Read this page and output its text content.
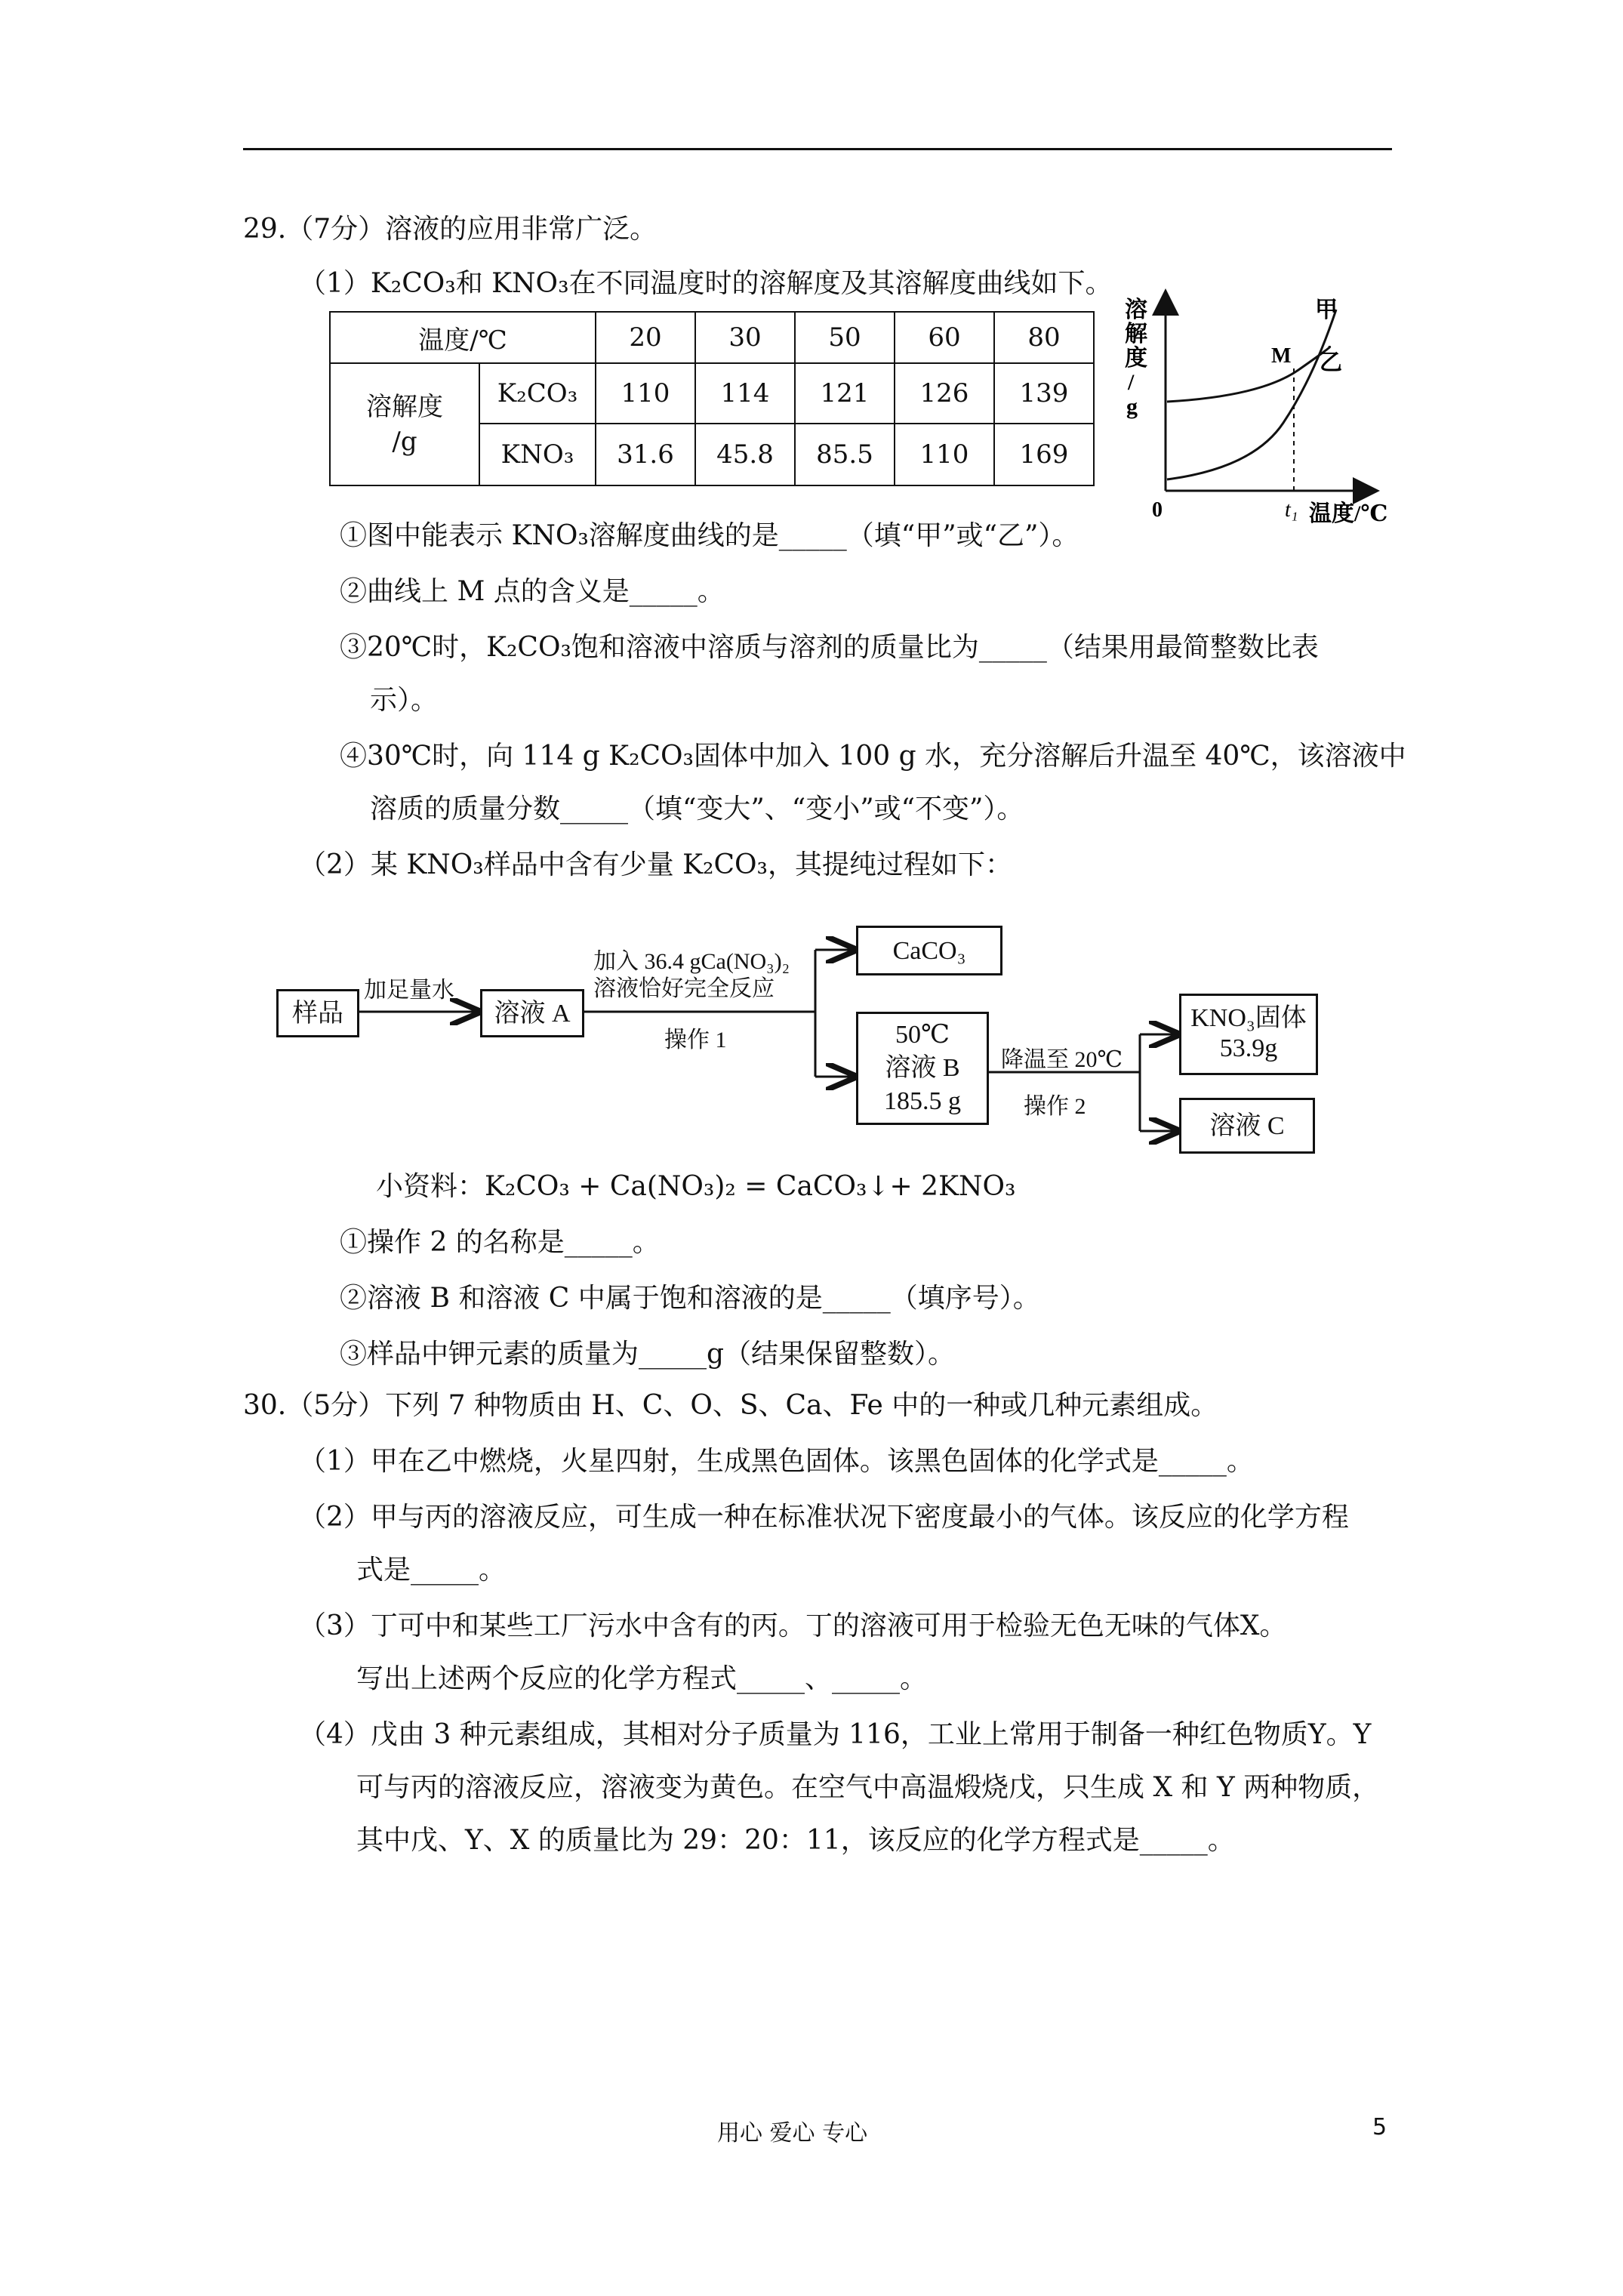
29.（7分）溶液的应用非常广泛。
（1）K₂CO₃和 KNO₃在不同温度时的溶解度及其溶解度曲线如下。
温度/℃		20	30	50	60	80

溶解度
/g	K₂CO₃	110	114	121	126	139
	KNO₃	31.6	45.8	85.5	110	169
溶
解
度
/
g
甲
乙
M
0	t₁ 温度/℃
①图中能表示 KNO₃溶解度曲线的是_____（填“甲”或“乙”）。
②曲线上 M 点的含义是_____。
③20℃时，K₂CO₃饱和溶液中溶质与溶剂的质量比为_____（结果用最简整数比表
示）。
④30℃时，向 114 g K₂CO₃固体中加入 100 g 水，充分溶解后升温至 40℃，该溶液中
溶质的质量分数_____（填“变大”、“变小”或“不变”）。
（2）某 KNO₃样品中含有少量 K₂CO₃，其提纯过程如下：
样品
加足量水
溶液 A
加入 36.4 gCa(NO₃)₂
溶液恰好完全反应
操作 1
CaCO₃
50℃
溶液 B
185.5 g
降温至 20℃
操作 2
KNO₃固体
53.9g
溶液 C
小资料：K₂CO₃ + Ca(NO₃)₂ = CaCO₃↓+ 2KNO₃
①操作 2 的名称是_____。
②溶液 B 和溶液 C 中属于饱和溶液的是_____（填序号）。
③样品中钾元素的质量为_____g（结果保留整数）。
30.（5分）下列 7 种物质由 H、C、O、S、Ca、Fe 中的一种或几种元素组成。
（1）甲在乙中燃烧，火星四射，生成黑色固体。该黑色固体的化学式是_____。
（2）甲与丙的溶液反应，可生成一种在标准状况下密度最小的气体。该反应的化学方程
式是_____。
（3）丁可中和某些工厂污水中含有的丙。丁的溶液可用于检验无色无味的气体X。
写出上述两个反应的化学方程式_____、_____。
（4）戊由 3 种元素组成，其相对分子质量为 116，工业上常用于制备一种红色物质Y。Y
可与丙的溶液反应，溶液变为黄色。在空气中高温煅烧戊，只生成 X 和 Y 两种物质，
其中戊、Y、X 的质量比为 29：20：11，该反应的化学方程式是_____。
用心 爱心 专心	5
